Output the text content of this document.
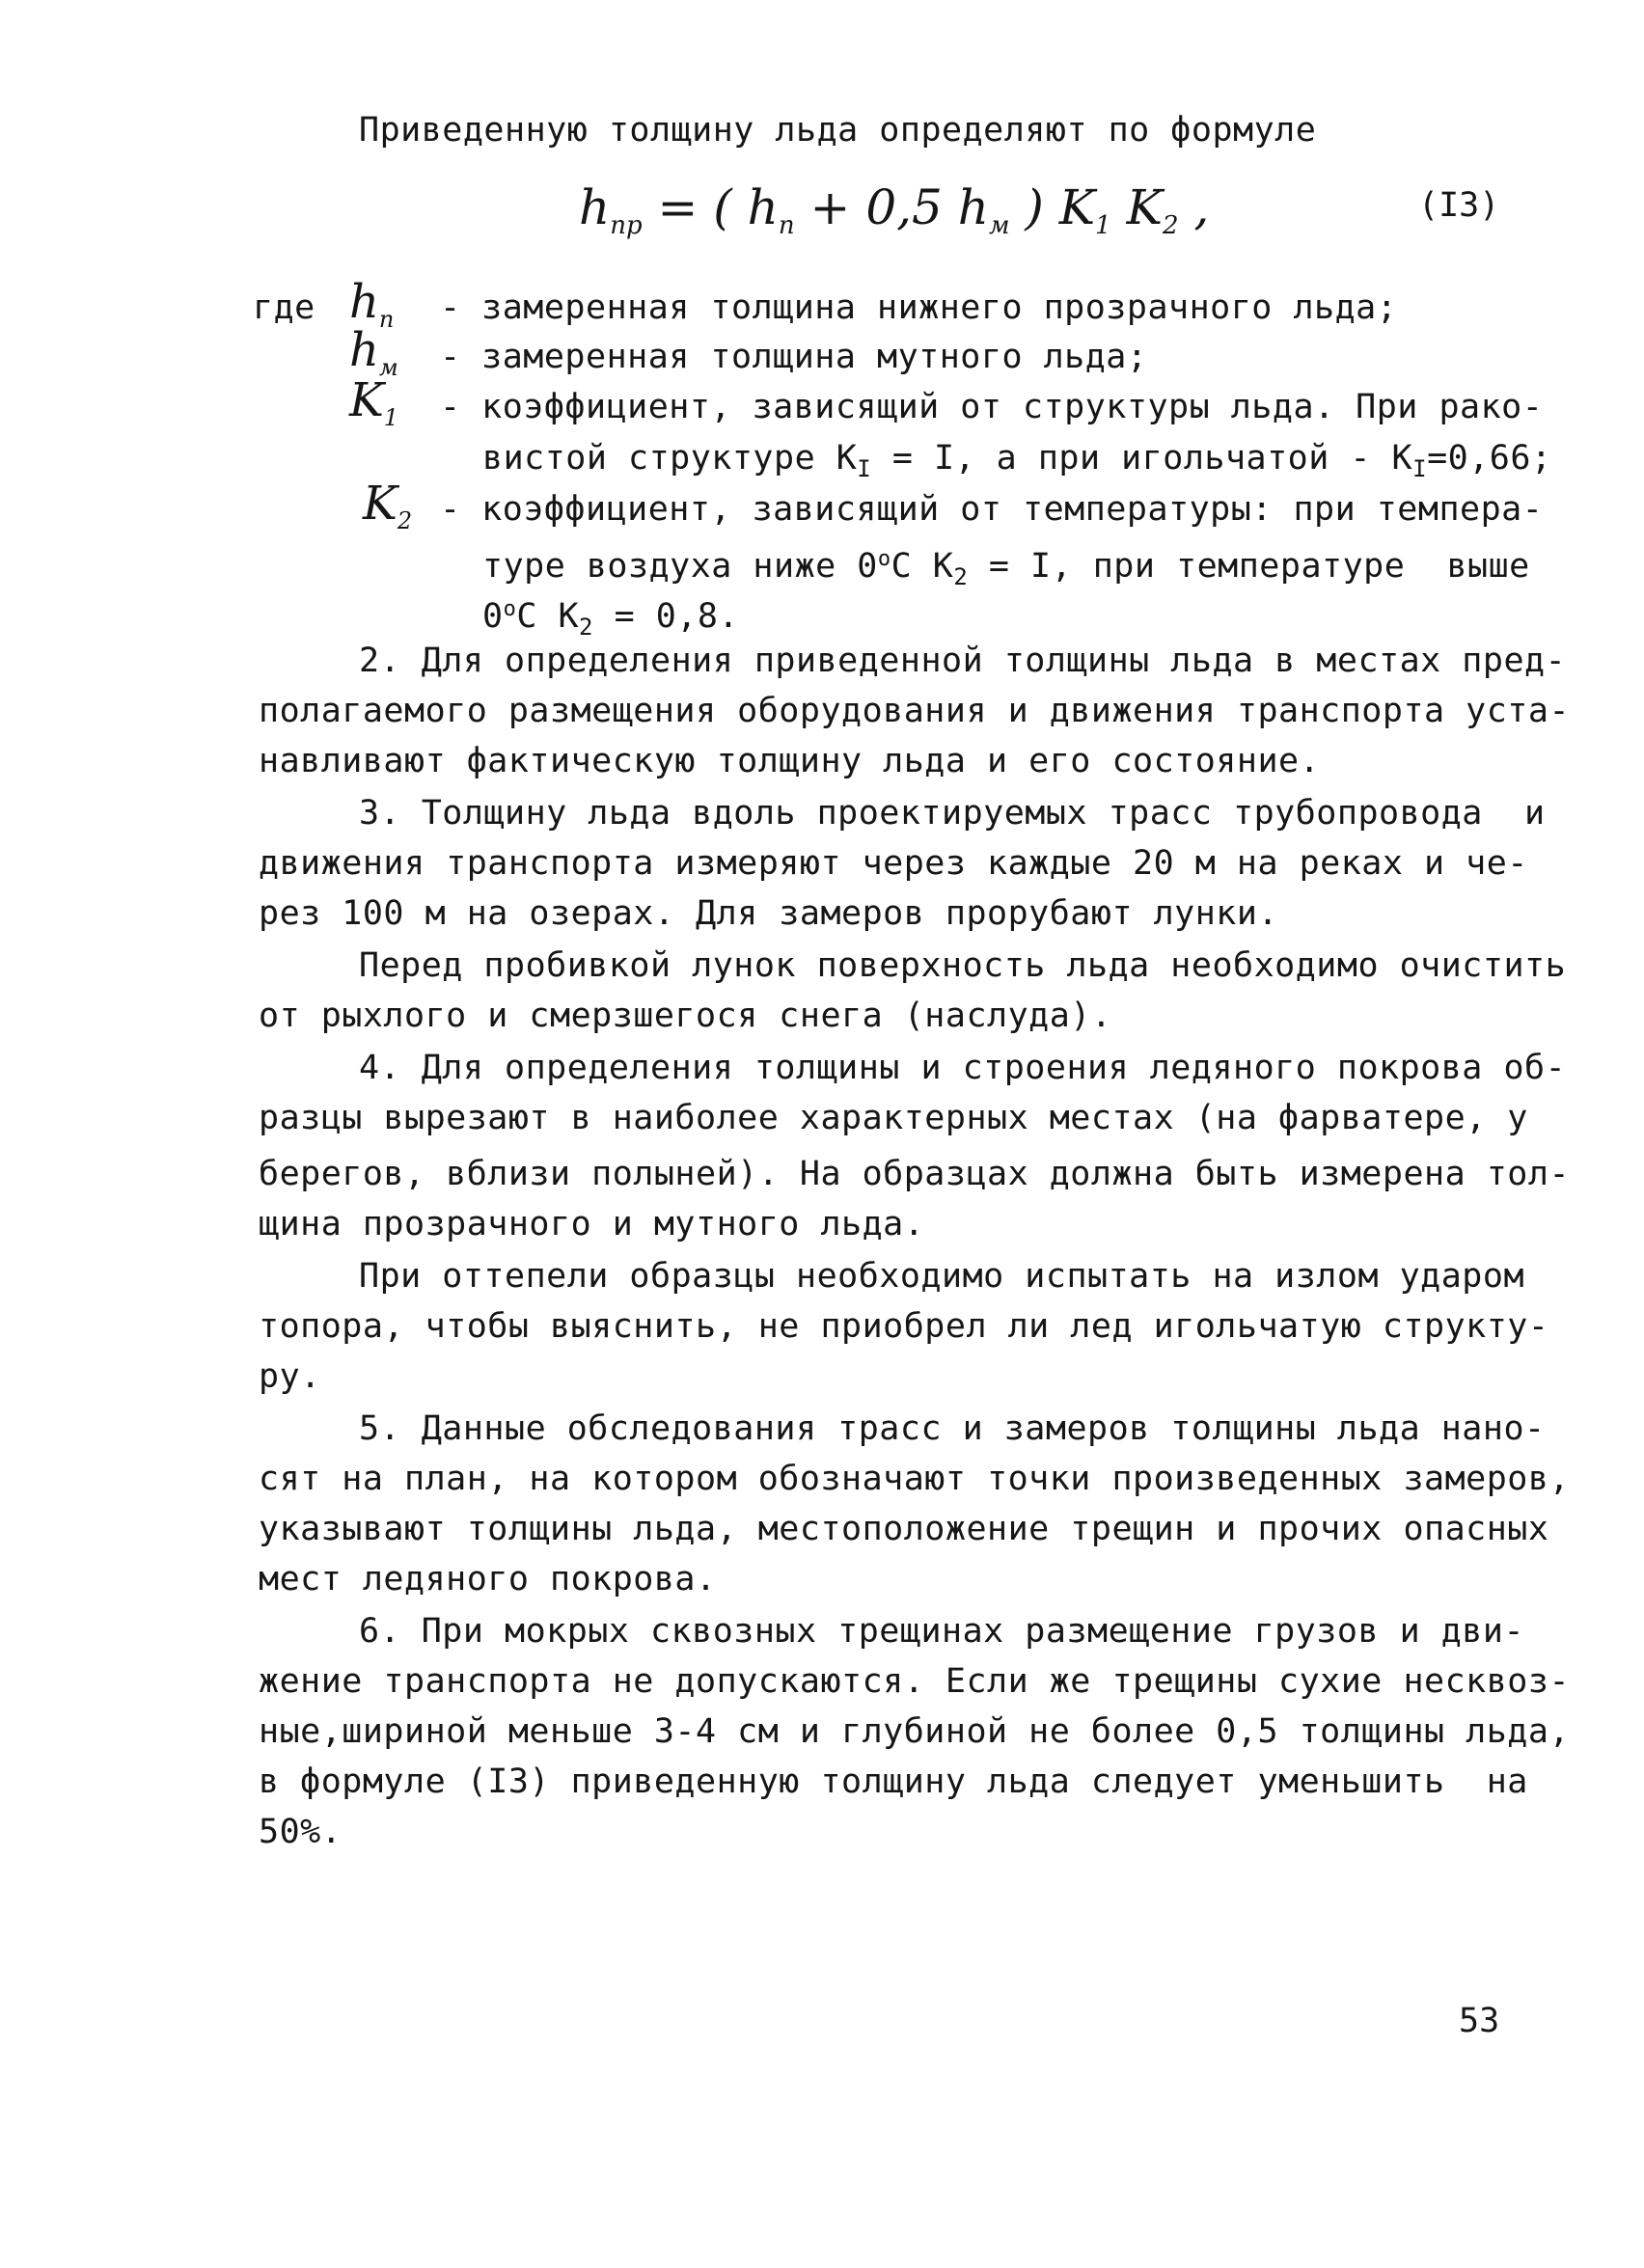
Приведенную толщину льда определяют по формуле
$h_{пр}$ = ( $h_п + 0,5$ $h_м$ ) $K_1$ $K_2$ ,	(I3)
где $h_п$ - замеренная толщина нижнего прозрачного льда;
$h_м$ - замеренная толщина мутного льда;
$K_1$ - коэффициент, зависящий от структуры льда. При рако-
вистой структуре $K_I = I$, а при игольчатой - $K_I=0,66$;
$K_2$ - коэффициент, зависящий от температуры: при темпера-
туре воздуха ниже $0^оC$ $K_2 = I$, при температуре  выше
$0^оC$ $K_2 = 0,8$.
2. Для определения приведенной толщины льда в местах пред-
полагаемого размещения оборудования и движения транспорта уста-
навливают фактическую толщину льда и его состояние.
3. Толщину льда вдоль проектируемых трасс трубопровода  и
движения транспорта измеряют через каждые 20 м на реках и че-
рез 100 м на озерах. Для замеров прорубают лунки.
Перед пробивкой лунок поверхность льда необходимо очистить
от рыхлого и смерзшегося снега (наслуда).
4. Для определения толщины и строения ледяного покрова об-
разцы вырезают в наиболее характерных местах (на фарватере, у
берегов, вблизи полыней). На образцах должна быть измерена тол-
щина прозрачного и мутного льда.
При оттепели образцы необходимо испытать на излом ударом
топора, чтобы выяснить, не приобрел ли лед игольчатую структу-
ру.
5. Данные обследования трасс и замеров толщины льда нано-
сят на план, на котором обозначают точки произведенных замеров,
указывают толщины льда, местоположение трещин и прочих опасных
мест ледяного покрова.
6. При мокрых сквозных трещинах размещение грузов и дви-
жение транспорта не допускаются. Если же трещины сухие несквоз-
ные,шириной меньше 3-4 см и глубиной не более 0,5 толщины льда,
в формуле (I3) приведенную толщину льда следует уменьшить  на
50%.
53
